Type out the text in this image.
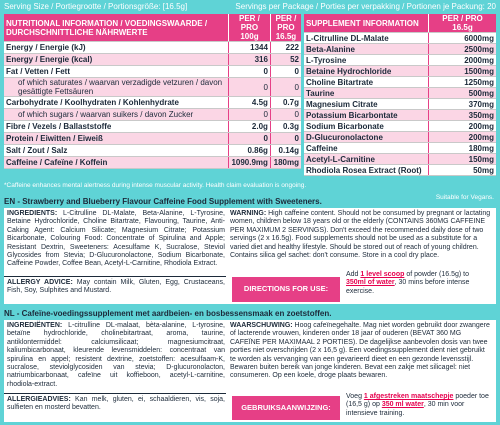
Serving Size / Portiegrootte / Portionsgröße: [16.5g]	Servings per Package / Porties per verpakking / Portionen je Packung: 20
NUTRITIONAL INFORMATION / VOEDINGSWAARDE / DURCHSCHNITTLICHE NÄHRWERTE	PER / PRO 100g	PER / PRO 16.5g
Energy / Energie (kJ)	1344	222
Energy / Energie (kcal)	316	52
Fat / Vetten / Fett	0	0
of which saturates / waarvan verzadigde vetzuren / davon gesättigte Fettsäuren	0	0
Carbohydrate / Koolhydraten / Kohlenhydrate	4.5g	0.7g
of which sugars / waarvan suikers / davon Zucker	0	0
Fibre / Vezels / Ballaststoffe	2.0g	0.3g
Protein / Eiwitten / Eiweiß	0	0
Salt / Zout / Salz	0.86g	0.14g
Caffeine / Cafeïne / Koffein	1090.9mg	180mg
SUPPLEMENT INFORMATION	PER / PRO 16.5g
L-Citrulline DL-Malate	6000mg
Beta-Alanine	2500mg
L-Tyrosine	2000mg
Betaine Hydrochloride	1500mg
Choline Bitartrate	1250mg
Taurine	500mg
Magnesium Citrate	370mg
Potassium Bicarbontate	350mg
Sodium Bicarbonate	200mg
D-Glucuronolactone	200mg
Caffeine	180mg
Acetyl-L-Carnitine	150mg
Rhodiola Rosea Extract (Root)	50mg
*Caffeine enhances mental alertness during intense muscular activity. Health claim evaluation is ongoing.
Suitable for Vegans.
EN - Strawberry and Blueberry Flavour Caffeine Food Supplement with Sweeteners.
INGREDIENTS: L-Citrulline DL-Malate, Beta-Alanine, L-Tyrosine, Betaine Hydrochloride, Choline Bitartrate, Flavouring, Taurine, Anti-Caking Agent: Calcium Silicate; Magnesium Citrate; Potassium Bicarbonate, Colouring Food: Concentrate of Spirulina and Apple; Resistant Dextrin, Sweeteners: Acesulfame K, Sucralose, Steviol Glycosides from Stevia; D-Glucuronolactone, Sodium Bicarbonate, Caffeine Powder, Coffee Bean, Acetyl-L-Carnitine, Rhodiola Extract.
WARNING: High caffeine content. Should not be consumed by pregnant or lactating women, children below 18 years old or the elderly (CONTAINS 360MG CAFFEINE PER MAXIMUM 2 SERVINGS). Don't exceed the recommended daily dose of two servings (2 x 16.5g). Food supplements should not be used as a substitute for a varied diet and healthy lifestyle. Should be stored out of reach of young children. Contains silica gel sachet: don't consume. Store in a cool dry place.
ALLERGY ADVICE: May contain Milk, Gluten, Egg, Crustaceans, Fish, Soy, Sulphites and Mustard.	DIRECTIONS FOR USE:
Add 1 level scoop of powder (16.5g) to 350ml of water, 30 mins before intense exercise.
NL - Cafeïne-voedingssupplement met aardbeien- en bosbessensmaak en zoetstoffen.
INGREDIËNTEN: L-citrulline DL-malaat, bèta-alanine, L-tyrosine, betaïne hydrochloride, cholinebitartraat, aroma, taurine, antiklontermiddel: calciumsilicaat; magnesiumcitraat, kaliumbicarbonaat, kleurende levensmiddelen: concentraat van spirulina en appel; resistent dextrine, zoetstoffen: acesulfaam-K, sucralose, steviolglycosiden van stevia; D-glucuronolacton, natriumbicarbonaat, cafeïne uit koffieboon, acetyl-L-carnitine, rhodiola-extract.
WAARSCHUWING: Hoog cafeïnegehalte. Mag niet worden gebruikt door zwangere of lacterende vrouwen, kinderen onder 18 jaar of ouderen (BEVAT 360 MG CAFEÏNE PER MAXIMAAL 2 PORTIES). De dagelijkse aanbevolen dosis van twee porties niet overschrijden (2 x 16,5 g). Een voedingssupplement dient niet gebruikt te worden als vervanging van een gevarieerd dieet en een gezonde levensstijl. Bewaren buiten bereik van jonge kinderen. Bevat een zakje met silicagel: niet consumeren. Op een koele, droge plaats bewaren.
ALLERGIEADVIES: Kan melk, gluten, ei, schaaldieren, vis, soja, sulfieten en mosterd bevatten.	GEBRUIKSAANWIJZING:
Voeg 1 afgestreken maatschepje poeder toe (16,5 g) op 350 ml water, 30 min voor intensieve training.
